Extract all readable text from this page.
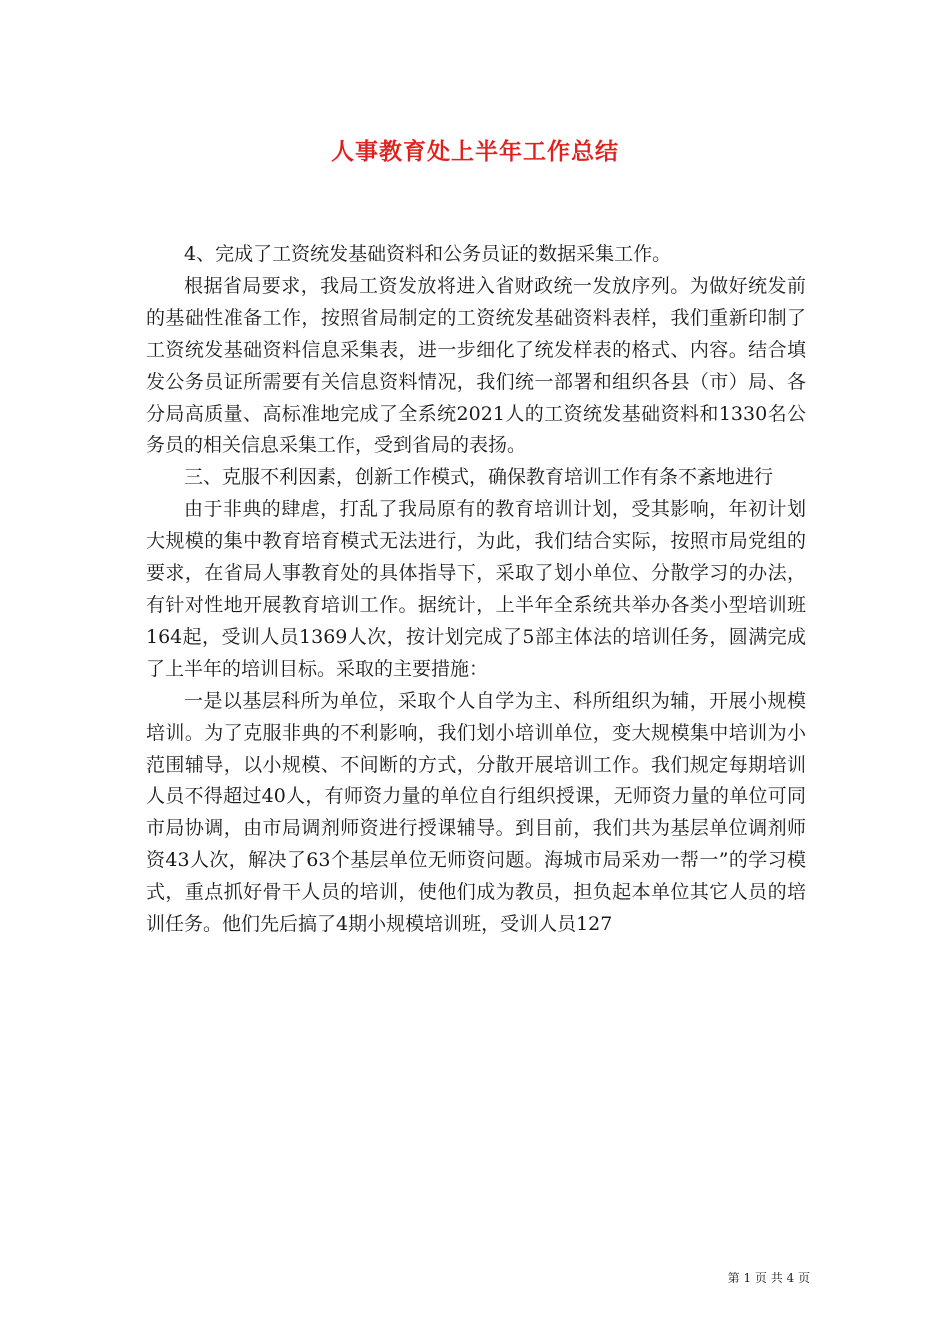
人事教育处上半年工作总结

4、完成了工资统发基础资料和公务员证的数据采集工作。

根据省局要求，我局工资发放将进入省财政统一发放序列。为做好统发前的基础性准备工作，按照省局制定的工资统发基础资料表样，我们重新印制了工资统发基础资料信息采集表，进一步细化了统发样表的格式、内容。结合填发公务员证所需要有关信息资料情况，我们统一部署和组织各县（市）局、各分局高质量、高标准地完成了全系统2021人的工资统发基础资料和1330名公务员的相关信息采集工作，受到省局的表扬。

三、克服不利因素，创新工作模式，确保教育培训工作有条不紊地进行

由于非典的肆虐，打乱了我局原有的教育培训计划，受其影响，年初计划大规模的集中教育培育模式无法进行，为此，我们结合实际，按照市局党组的要求，在省局人事教育处的具体指导下，采取了划小单位、分散学习的办法，有针对性地开展教育培训工作。据统计，上半年全系统共举办各类小型培训班164起，受训人员1369人次，按计划完成了5部主体法的培训任务，圆满完成了上半年的培训目标。采取的主要措施：

一是以基层科所为单位，采取个人自学为主、科所组织为辅，开展小规模培训。为了克服非典的不利影响，我们划小培训单位，变大规模集中培训为小范围辅导，以小规模、不间断的方式，分散开展培训工作。我们规定每期培训人员不得超过40人，有师资力量的单位自行组织授课，无师资力量的单位可同市局协调，由市局调剂师资进行授课辅导。到目前，我们共为基层单位调剂师资43人次，解决了63个基层单位无师资问题。海城市局采劝一帮一”的学习模式，重点抓好骨干人员的培训，使他们成为教员，担负起本单位其它人员的培训任务。他们先后搞了4期小规模培训班，受训人员127

第 1 页 共 4 页
